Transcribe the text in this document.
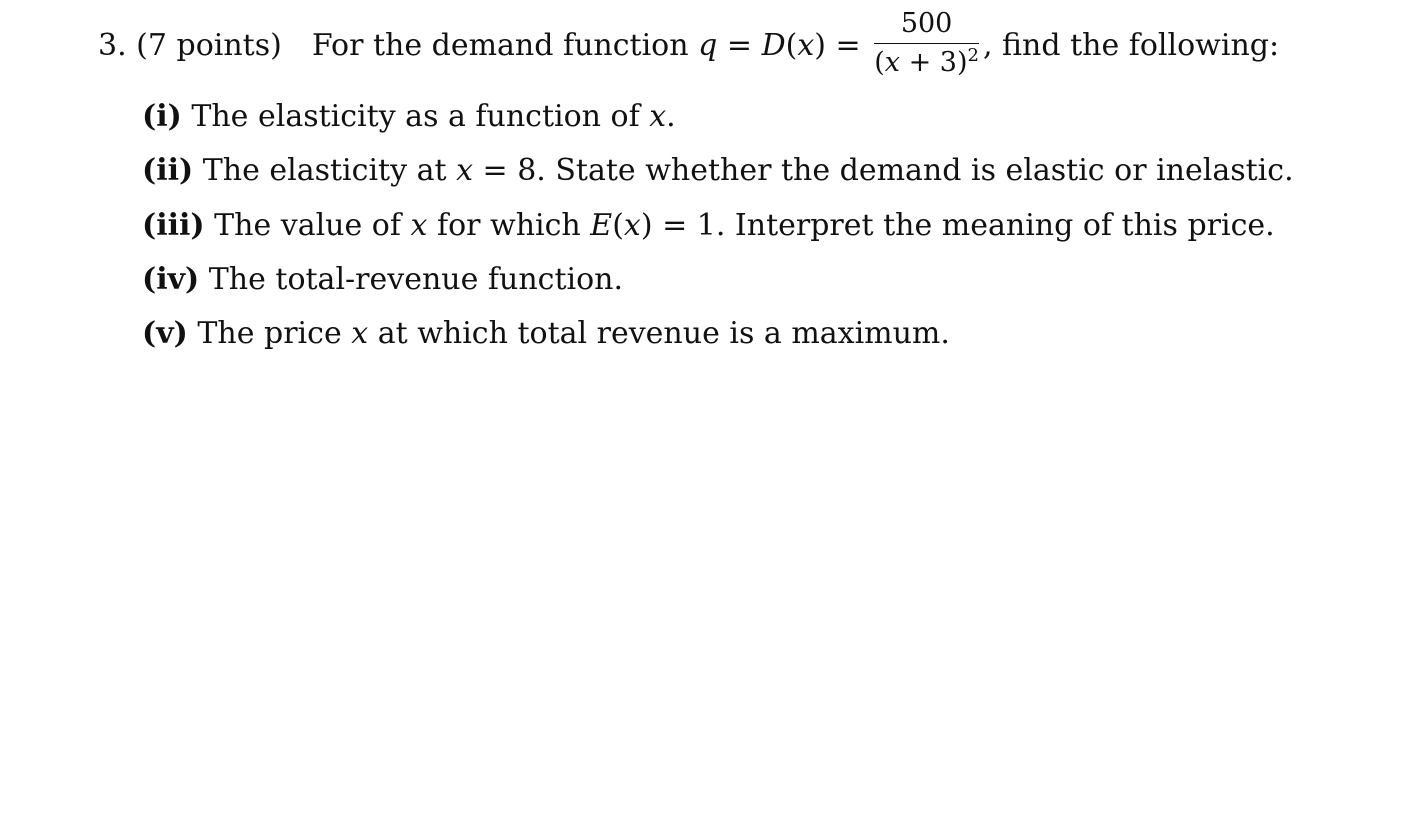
3. (7 points) For the demand function $q = D(x) = \frac{500}{(x + 3)^2}$ , find the following:
(i) The elasticity as a function of x.
(ii) The elasticity at x = 8. State whether the demand is elastic or inelastic.
(iii) The value of x for which E(x) = 1. Interpret the meaning of this price.
(iv) The total-revenue function.
(v) The price x at which total revenue is a maximum.
